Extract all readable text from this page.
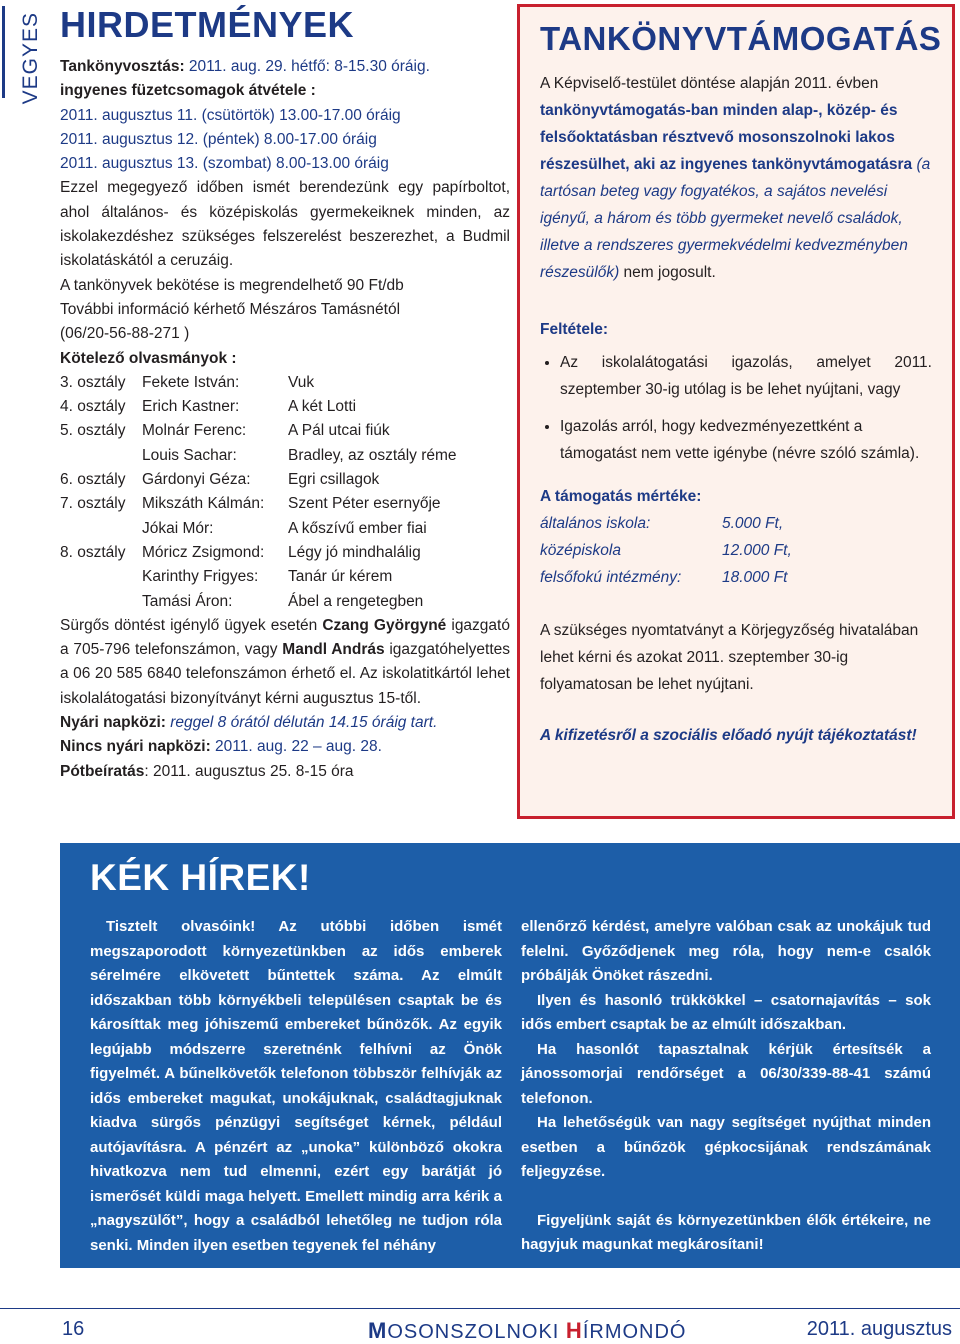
VEGYES HIRDETMÉNYEK

Tankönyvosztás: 2011. aug. 29. hétfő: 8-15.30 óráig.

ingyenes füzetcsomagok átvétele :

2011. augusztus 11. (csütörtök) 13.00-17.00 óráig

2011. augusztus 12. (péntek) 8.00-17.00 óráig

2011. augusztus 13. (szombat) 8.00-13.00 óráig

Ezzel megegyező időben ismét berendezünk egy papírboltot, ahol általános- és középiskolás gyermekeiknek minden, az iskolakezdéshez szükséges felszerelést beszerezhet, a Budmil iskolatáskától a ceruzáig.

A tankönyvek bekötése is megrendelhető 90 Ft/db

További információ kérhető Mészáros Tamásnétól

(06/20-56-88-271 )

Kötelező olvasmányok :

3. osztály	Fekete István:	Vuk
4. osztály	Erich Kastner:	A két Lotti
5. osztály	Molnár Ferenc:	A Pál utcai fiúk
Louis Sachar:	Bradley, az osztály réme
6. osztály	Gárdonyi Géza:	Egri csillagok
7. osztály	Mikszáth Kálmán:	Szent Péter esernyője
Jókai Mór:	A kőszívű ember fiai
8. osztály	Móricz Zsigmond:	Légy jó mindhalálig
Karinthy Frigyes:	Tanár úr kérem
Tamási Áron:	Ábel a rengetegben

Sürgős döntést igénylő ügyek esetén Czang Györgyné igazgató a 705-796 telefonszámon, vagy Mandl András igazgatóhelyettes a 06 20 585 6840 telefonszámon érhető el. Az iskolatitkártól lehet iskolalátogatási bizonyítványt kérni augusztus 15-től.

Nyári napközi: reggel 8 órától délután 14.15 óráig tart.

Nincs nyári napközi: 2011. aug. 22 – aug. 28.

Pótbeíratás: 2011. augusztus 25. 8-15 óra

TANKÖNYVTÁMOGATÁS

A Képviselő-testület döntése alapján 2011. évben tankönyvtámogatás-ban minden alap-, közép- és felsőoktatásban résztvevő mosonszolnoki lakos részesülhet, aki az ingyenes tankönyvtámogatásra (a tartósan beteg vagy fogyatékos, a sajátos nevelési igényű, a három és több gyermeket nevelő családok, illetve a rendszeres gyermekvédelmi kedvezményben részesülők) nem jogosult.

Feltétele:

• Az iskolalátogatási igazolás, amelyet 2011. szeptember 30-ig utólag is be lehet nyújtani, vagy
• Igazolás arról, hogy kedvezményezettként a támogatást nem vette igénybe (névre szóló számla).

A támogatás mértéke:

általános iskola:	5.000 Ft,
középiskola	12.000 Ft,
felsőfokú intézmény:	18.000 Ft

A szükséges nyomtatványt a Körjegyzőség hivatalában lehet kérni és azokat 2011. szeptember 30-ig folyamatosan be lehet nyújtani.

A kifizetésről a szociális előadó nyújt tájékoztatást!

KÉK HÍREK!

Tisztelt olvasóink! Az utóbbi időben ismét megszaporodott környezetünkben az idős emberek sérelmére elkövetett bűntettek száma. Az elmúlt időszakban több környékbeli településen csaptak be és károsíttak meg jóhiszemű embereket bűnözők. Az egyik legújabb módszerre szeretnénk felhívni az Önök figyelmét. A bűnelkövetők telefonon többször felhívják az idős embereket magukat, unokájuknak, családtagjuknak kiadva sürgős pénzügyi segítséget kérnek, például autójavításra. A pénzért az „unoka” különböző okokra hivatkozva nem tud elmenni, ezért egy barátját jó ismerősét küldi maga helyett. Emellett mindig arra kérik a „nagyszülőt”, hogy a családból lehetőleg ne tudjon róla senki. Minden ilyen esetben tegyenek fel néhány

ellenőrző kérdést, amelyre valóban csak az unokájuk tud felelni. Győződjenek meg róla, hogy nem-e csalók próbálják Önöket rászedni.

Ilyen és hasonló trükkökkel – csatornajavítás – sok idős embert csaptak be az elmúlt időszakban.

Ha hasonlót tapasztalnak kérjük értesítsék a jánossomorjai rendőrséget a 06/30/339-88-41 számú telefonon.

Ha lehetőségük van nagy segítséget nyújthat minden esetben a bűnőzök gépkocsijának rendszámának feljegyzése.

Figyeljünk saját és környezetünkben élők értékeire, ne hagyjuk magunkat megkárosítani!

16	MOSONSZOLNOKI HÍRMONDÓ	2011. augusztus
